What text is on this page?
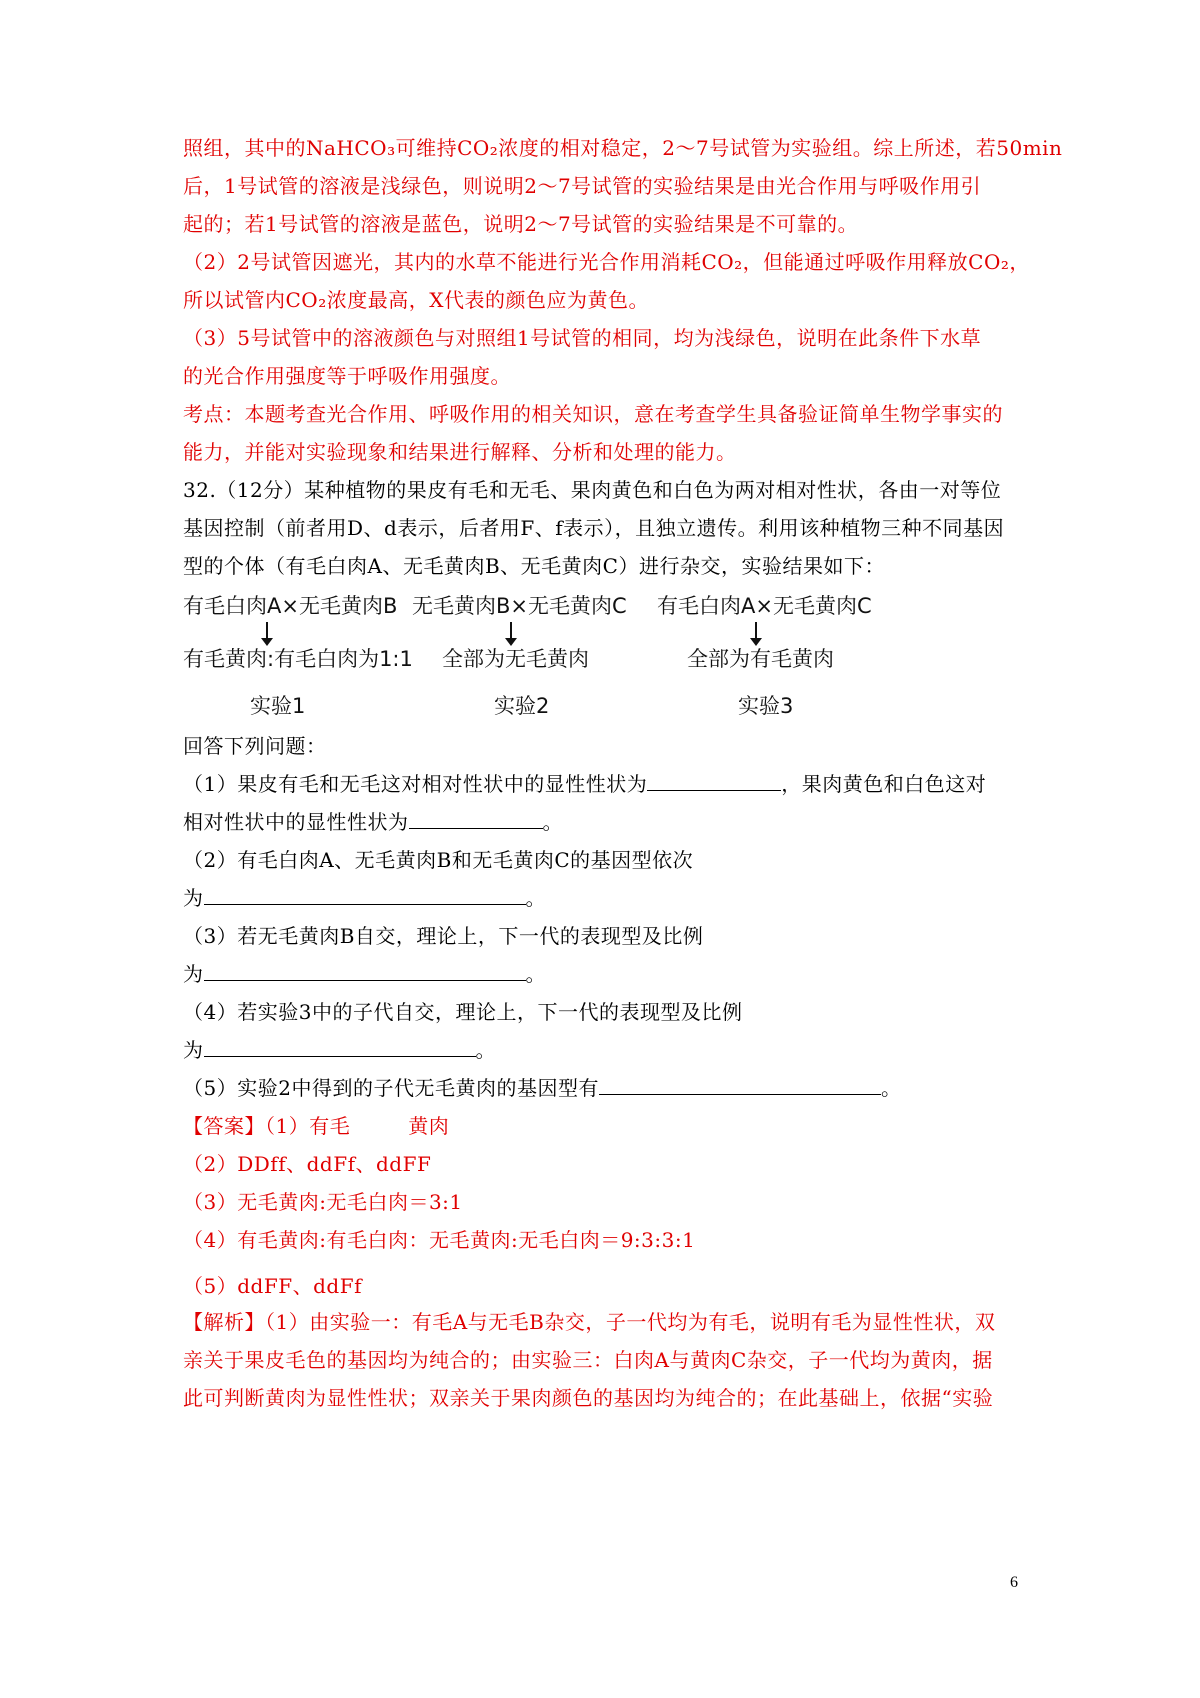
照组，其中的NaHCO₃可维持CO₂浓度的相对稳定，2～7号试管为实验组。综上所述，若50min
后，1号试管的溶液是浅绿色，则说明2～7号试管的实验结果是由光合作用与呼吸作用引
起的；若1号试管的溶液是蓝色，说明2～7号试管的实验结果是不可靠的。
（2）2号试管因遮光，其内的水草不能进行光合作用消耗CO₂，但能通过呼吸作用释放CO₂，
所以试管内CO₂浓度最高，X代表的颜色应为黄色。
（3）5号试管中的溶液颜色与对照组1号试管的相同，均为浅绿色，说明在此条件下水草
的光合作用强度等于呼吸作用强度。
考点：本题考查光合作用、呼吸作用的相关知识，意在考查学生具备验证简单生物学事实的
能力，并能对实验现象和结果进行解释、分析和处理的能力。
32.（12分）某种植物的果皮有毛和无毛、果肉黄色和白色为两对相对性状，各由一对等位
基因控制（前者用D、d表示，后者用F、f表示），且独立遗传。利用该种植物三种不同基因
型的个体（有毛白肉A、无毛黄肉B、无毛黄肉C）进行杂交，实验结果如下：
有毛白肉A×无毛黄肉B
有毛黄肉:有毛白肉为1:1
实验1
无毛黄肉B×无毛黄肉C
全部为无毛黄肉
实验2
有毛白肉A×无毛黄肉C
全部为有毛黄肉
实验3
回答下列问题：
（1）果皮有毛和无毛这对相对性状中的显性性状为	，果肉黄色和白色这对
相对性状中的显性性状为	。
（2）有毛白肉A、无毛黄肉B和无毛黄肉C的基因型依次
为	。
（3）若无毛黄肉B自交，理论上，下一代的表现型及比例
为	。
（4）若实验3中的子代自交，理论上，下一代的表现型及比例
为	。
（5）实验2中得到的子代无毛黄肉的基因型有	。
【答案】（1）有毛	黄肉
（2）DDff、ddFf、ddFF
（3）无毛黄肉:无毛白肉＝3:1
（4）有毛黄肉:有毛白肉：无毛黄肉:无毛白肉＝9:3:3:1
（5）ddFF、ddFf
【解析】（1）由实验一：有毛A与无毛B杂交，子一代均为有毛，说明有毛为显性性状，双
亲关于果皮毛色的基因均为纯合的；由实验三：白肉A与黄肉C杂交，子一代均为黄肉，据
此可判断黄肉为显性性状；双亲关于果肉颜色的基因均为纯合的；在此基础上，依据“实验
6
